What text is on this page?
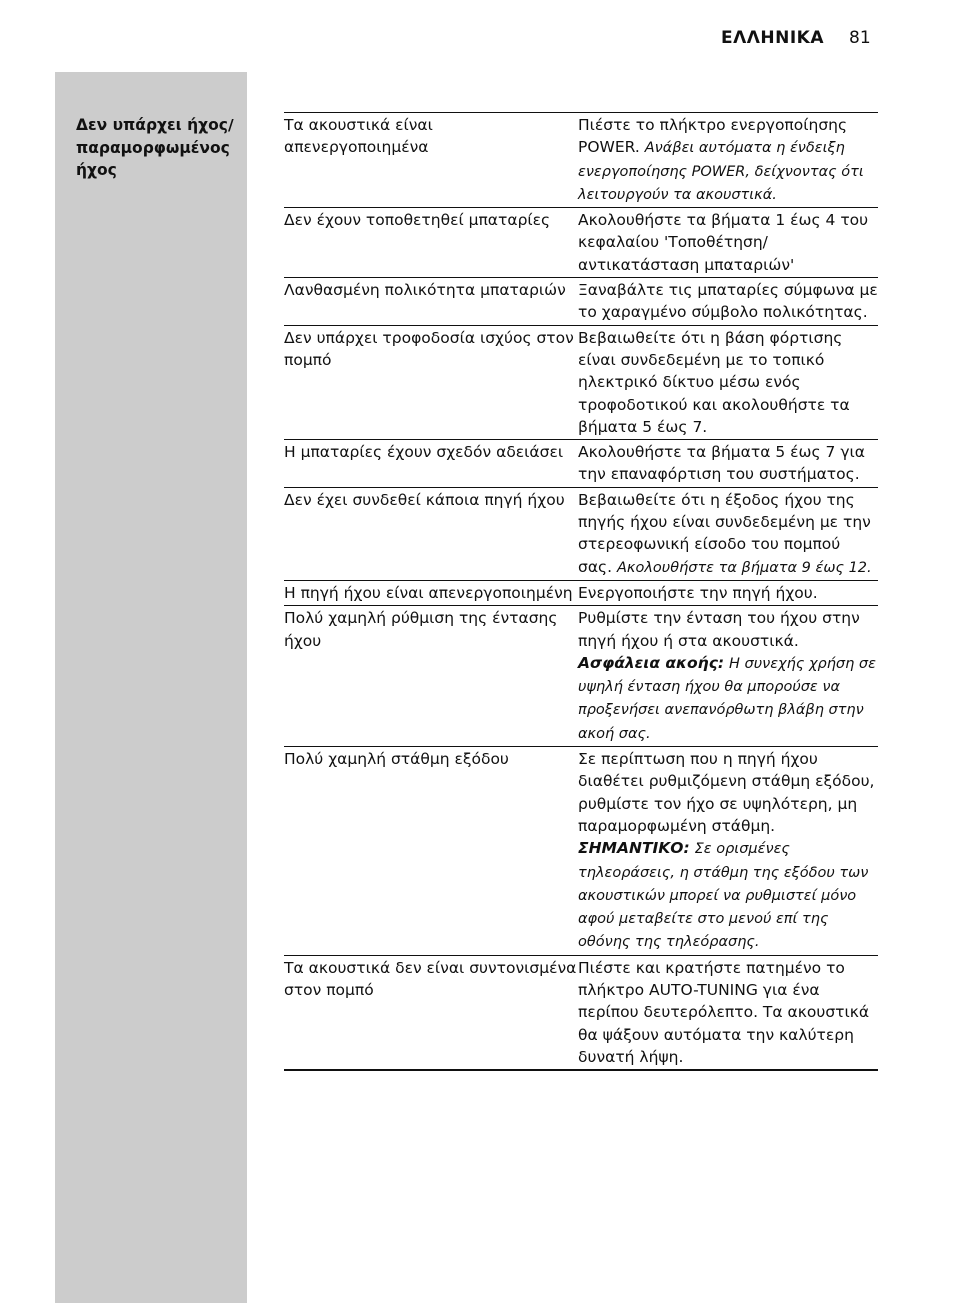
ΕΛΛΗΝΙΚΑ 81
Δεν υπάρχει ήχος/ παραμορφωμένος ήχος
Τα ακουστικά είναι απενεργοποιημένα
Πιέστε το πλήκτρο ενεργοποίησης POWER. Ανάβει αυτόματα η ένδειξη ενεργοποίησης POWER, δείχνοντας ότι λειτουργούν τα ακουστικά.
Δεν έχουν τοποθετηθεί μπαταρίες	Ακολουθήστε τα βήματα 1 έως 4 του κεφαλαίου 'Τοποθέτηση/ αντικατάσταση μπαταριών'
Λανθασμένη πολικότητα μπαταριών Ξαναβάλτε τις μπαταρίες σύμφωνα με το χαραγμένο σύμβολο πολικότητας.
Δεν υπάρχει τροφοδοσία ισχύος στον πομπό
Βεβαιωθείτε ότι η βάση φόρτισης είναι συνδεδεμένη με το τοπικό ηλεκτρικό δίκτυο μέσω ενός τροφοδοτικού και ακολουθήστε τα βήματα 5 έως 7.
Η μπαταρίες έχουν σχεδόν αδειάσει Ακολουθήστε τα βήματα 5 έως 7 για την επαναφόρτιση του συστήματος.
Δεν έχει συνδεθεί κάποια πηγή ήχου Βεβαιωθείτε ότι η έξοδος ήχου της πηγής ήχου είναι συνδεδεμένη με την στερεοφωνική είσοδο του πομπού σας. Ακολουθήστε τα βήματα 9 έως 12.
Η πηγή ήχου είναι απενεργοποιημένη Ενεργοποιήστε την πηγή ήχου.
Πολύ χαμηλή ρύθμιση της έντασης ήχου
Ρυθμίστε την ένταση του ήχου στην πηγή ήχου ή στα ακουστικά. Ασφάλεια ακοής: Η συνεχής χρήση σε υψηλή ένταση ήχου θα μπορούσε να προξενήσει ανεπανόρθωτη βλάβη στην ακοή σας.
Πολύ χαμηλή στάθμη εξόδου	Σε περίπτωση που η πηγή ήχου διαθέτει ρυθμιζόμενη στάθμη εξόδου, ρυθμίστε τον ήχο σε υψηλότερη, μη παραμορφωμένη στάθμη. ΣΗΜΑΝΤΙΚΟ: Σε ορισμένες τηλεοράσεις, η στάθμη της εξόδου των ακουστικών μπορεί να ρυθμιστεί μόνο αφού μεταβείτε στο μενού επί της οθόνης της τηλεόρασης.
Τα ακουστικά δεν είναι συντονισμένα στον πομπό
Πιέστε και κρατήστε πατημένο το πλήκτρο AUTO-TUNING για ένα περίπου δευτερόλεπτο. Τα ακουστικά θα ψάξουν αυτόματα την καλύτερη δυνατή λήψη.
